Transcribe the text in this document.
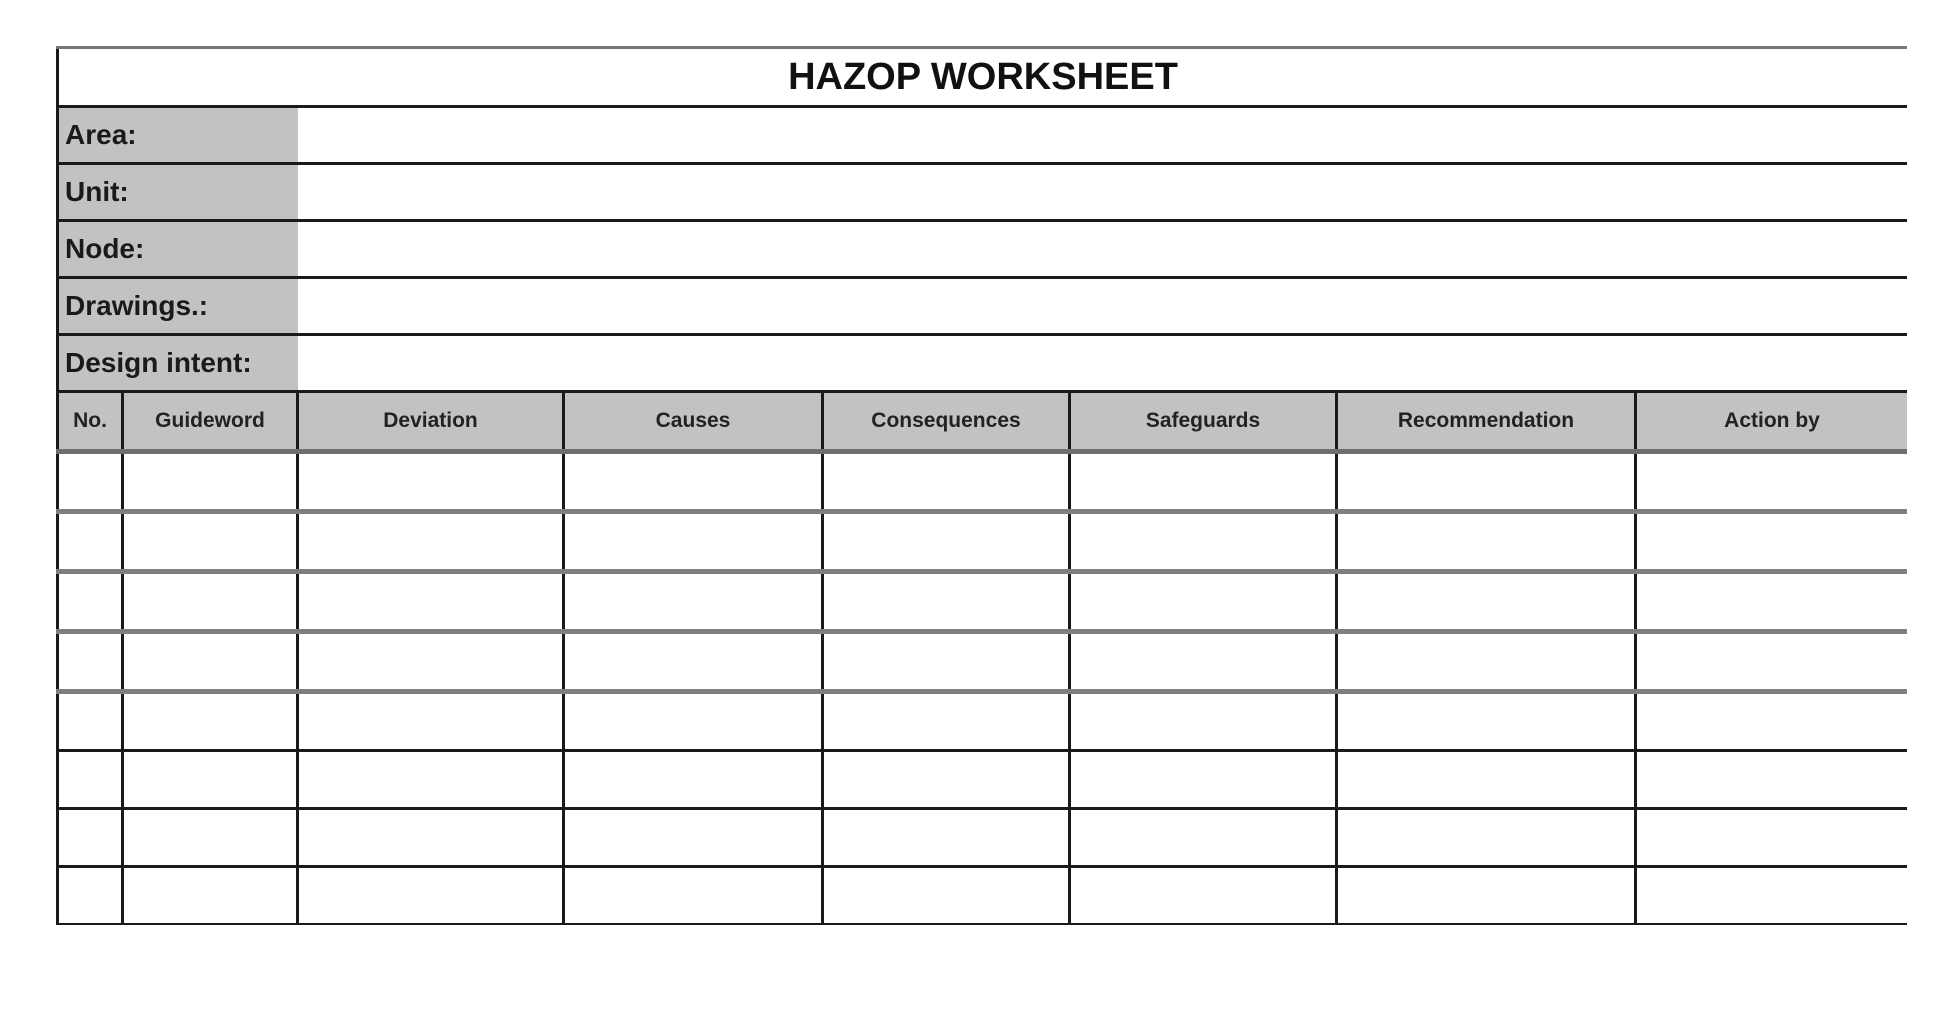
HAZOP WORKSHEET							
Area:							
Unit:							
Node:							
Drawings.:							
Design intent:							
No.	Guideword	Deviation	Causes	Consequences	Safeguards	Recommendation	Action by
